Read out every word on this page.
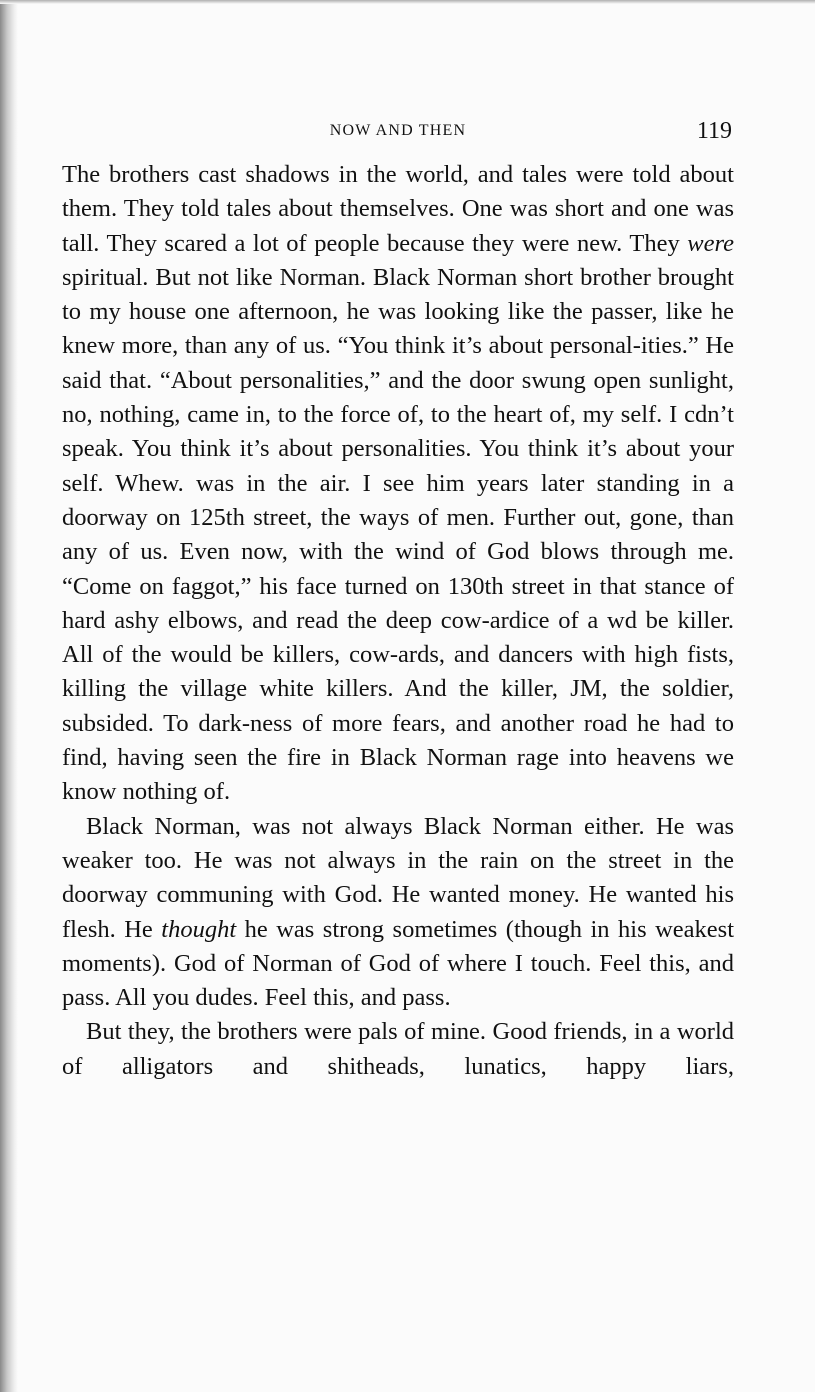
NOW AND THEN	119

The brothers cast shadows in the world, and tales were told about them. They told tales about themselves. One was short and one was tall. They scared a lot of people because they were new. They were spiritual. But not like Norman. Black Norman short brother brought to my house one afternoon, he was looking like the passer, like he knew more, than any of us. “You think it’s about personal-ities.” He said that. “About personalities,” and the door swung open sunlight, no, nothing, came in, to the force of, to the heart of, my self. I cdn’t speak. You think it’s about personalities. You think it’s about your self. Whew. was in the air. I see him years later standing in a doorway on 125th street, the ways of men. Further out, gone, than any of us. Even now, with the wind of God blows through me. “Come on faggot,” his face turned on 130th street in that stance of hard ashy elbows, and read the deep cow-ardice of a wd be killer. All of the would be killers, cow-ards, and dancers with high fists, killing the village white killers. And the killer, JM, the soldier, subsided. To dark-ness of more fears, and another road he had to find, having seen the fire in Black Norman rage into heavens we know nothing of.

Black Norman, was not always Black Norman either. He was weaker too. He was not always in the rain on the street in the doorway communing with God. He wanted money. He wanted his flesh. He thought he was strong sometimes (though in his weakest moments). God of Norman of God of where I touch. Feel this, and pass. All you dudes. Feel this, and pass.

But they, the brothers were pals of mine. Good friends, in a world of alligators and shitheads, lunatics, happy liars,
